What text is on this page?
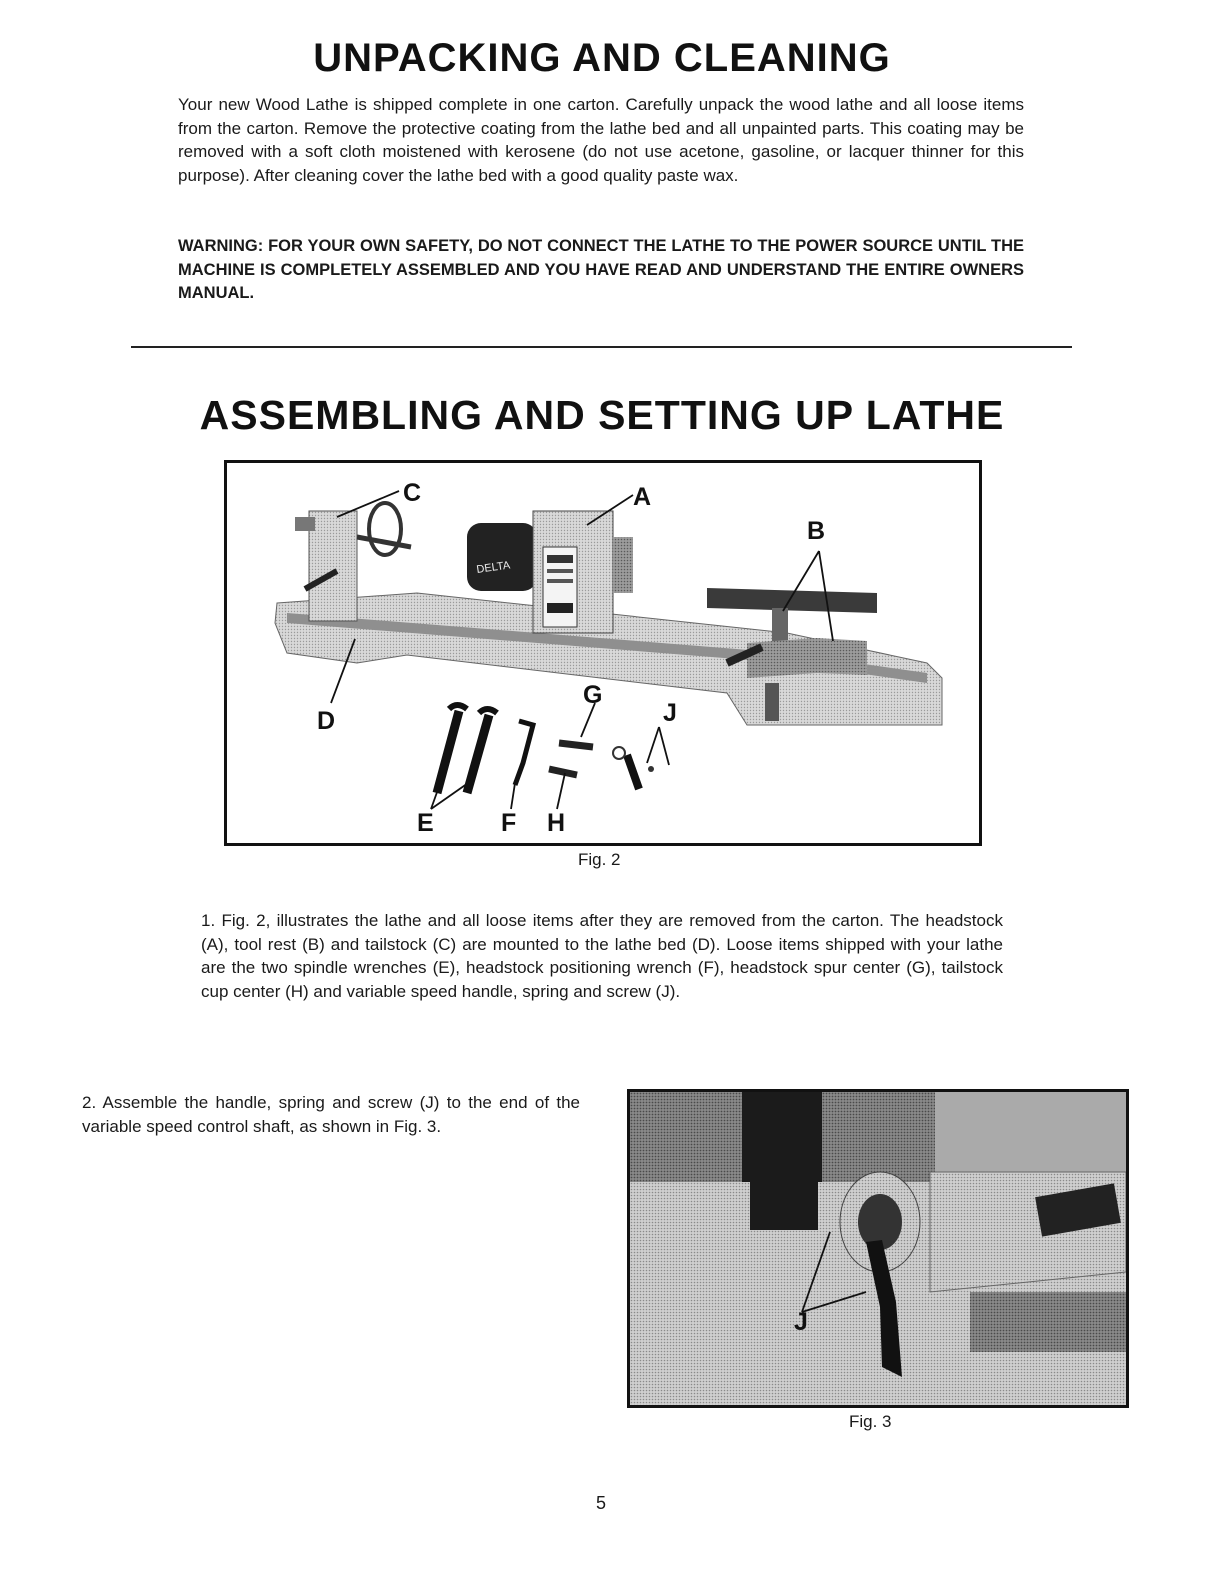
UNPACKING AND CLEANING

Your new Wood Lathe is shipped complete in one carton. Carefully unpack the wood lathe and all loose items from the carton. Remove the protective coating from the lathe bed and all unpainted parts. This coating may be removed with a soft cloth moistened with kerosene (do not use acetone, gasoline, or lacquer thinner for this purpose). After cleaning cover the lathe bed with a good quality paste wax.

WARNING: FOR YOUR OWN SAFETY, DO NOT CONNECT THE LATHE TO THE POWER SOURCE UNTIL THE MACHINE IS COMPLETELY ASSEMBLED AND YOU HAVE READ AND UNDERSTAND THE ENTIRE OWNERS MANUAL.

ASSEMBLING AND SETTING UP LATHE
DELTA
C	A
B
D
G
J
E	F H
Fig. 2

1. Fig. 2, illustrates the lathe and all loose items after they are removed from the carton. The headstock (A), tool rest (B) and tailstock (C) are mounted to the lathe bed (D). Loose items shipped with your lathe are the two spindle wrenches (E), headstock positioning wrench (F), headstock spur center (G), tailstock cup center (H) and variable speed handle, spring and screw (J).

2. Assemble the handle, spring and screw (J) to the end of the variable speed control shaft, as shown in Fig. 3.

J
Fig. 3
5
